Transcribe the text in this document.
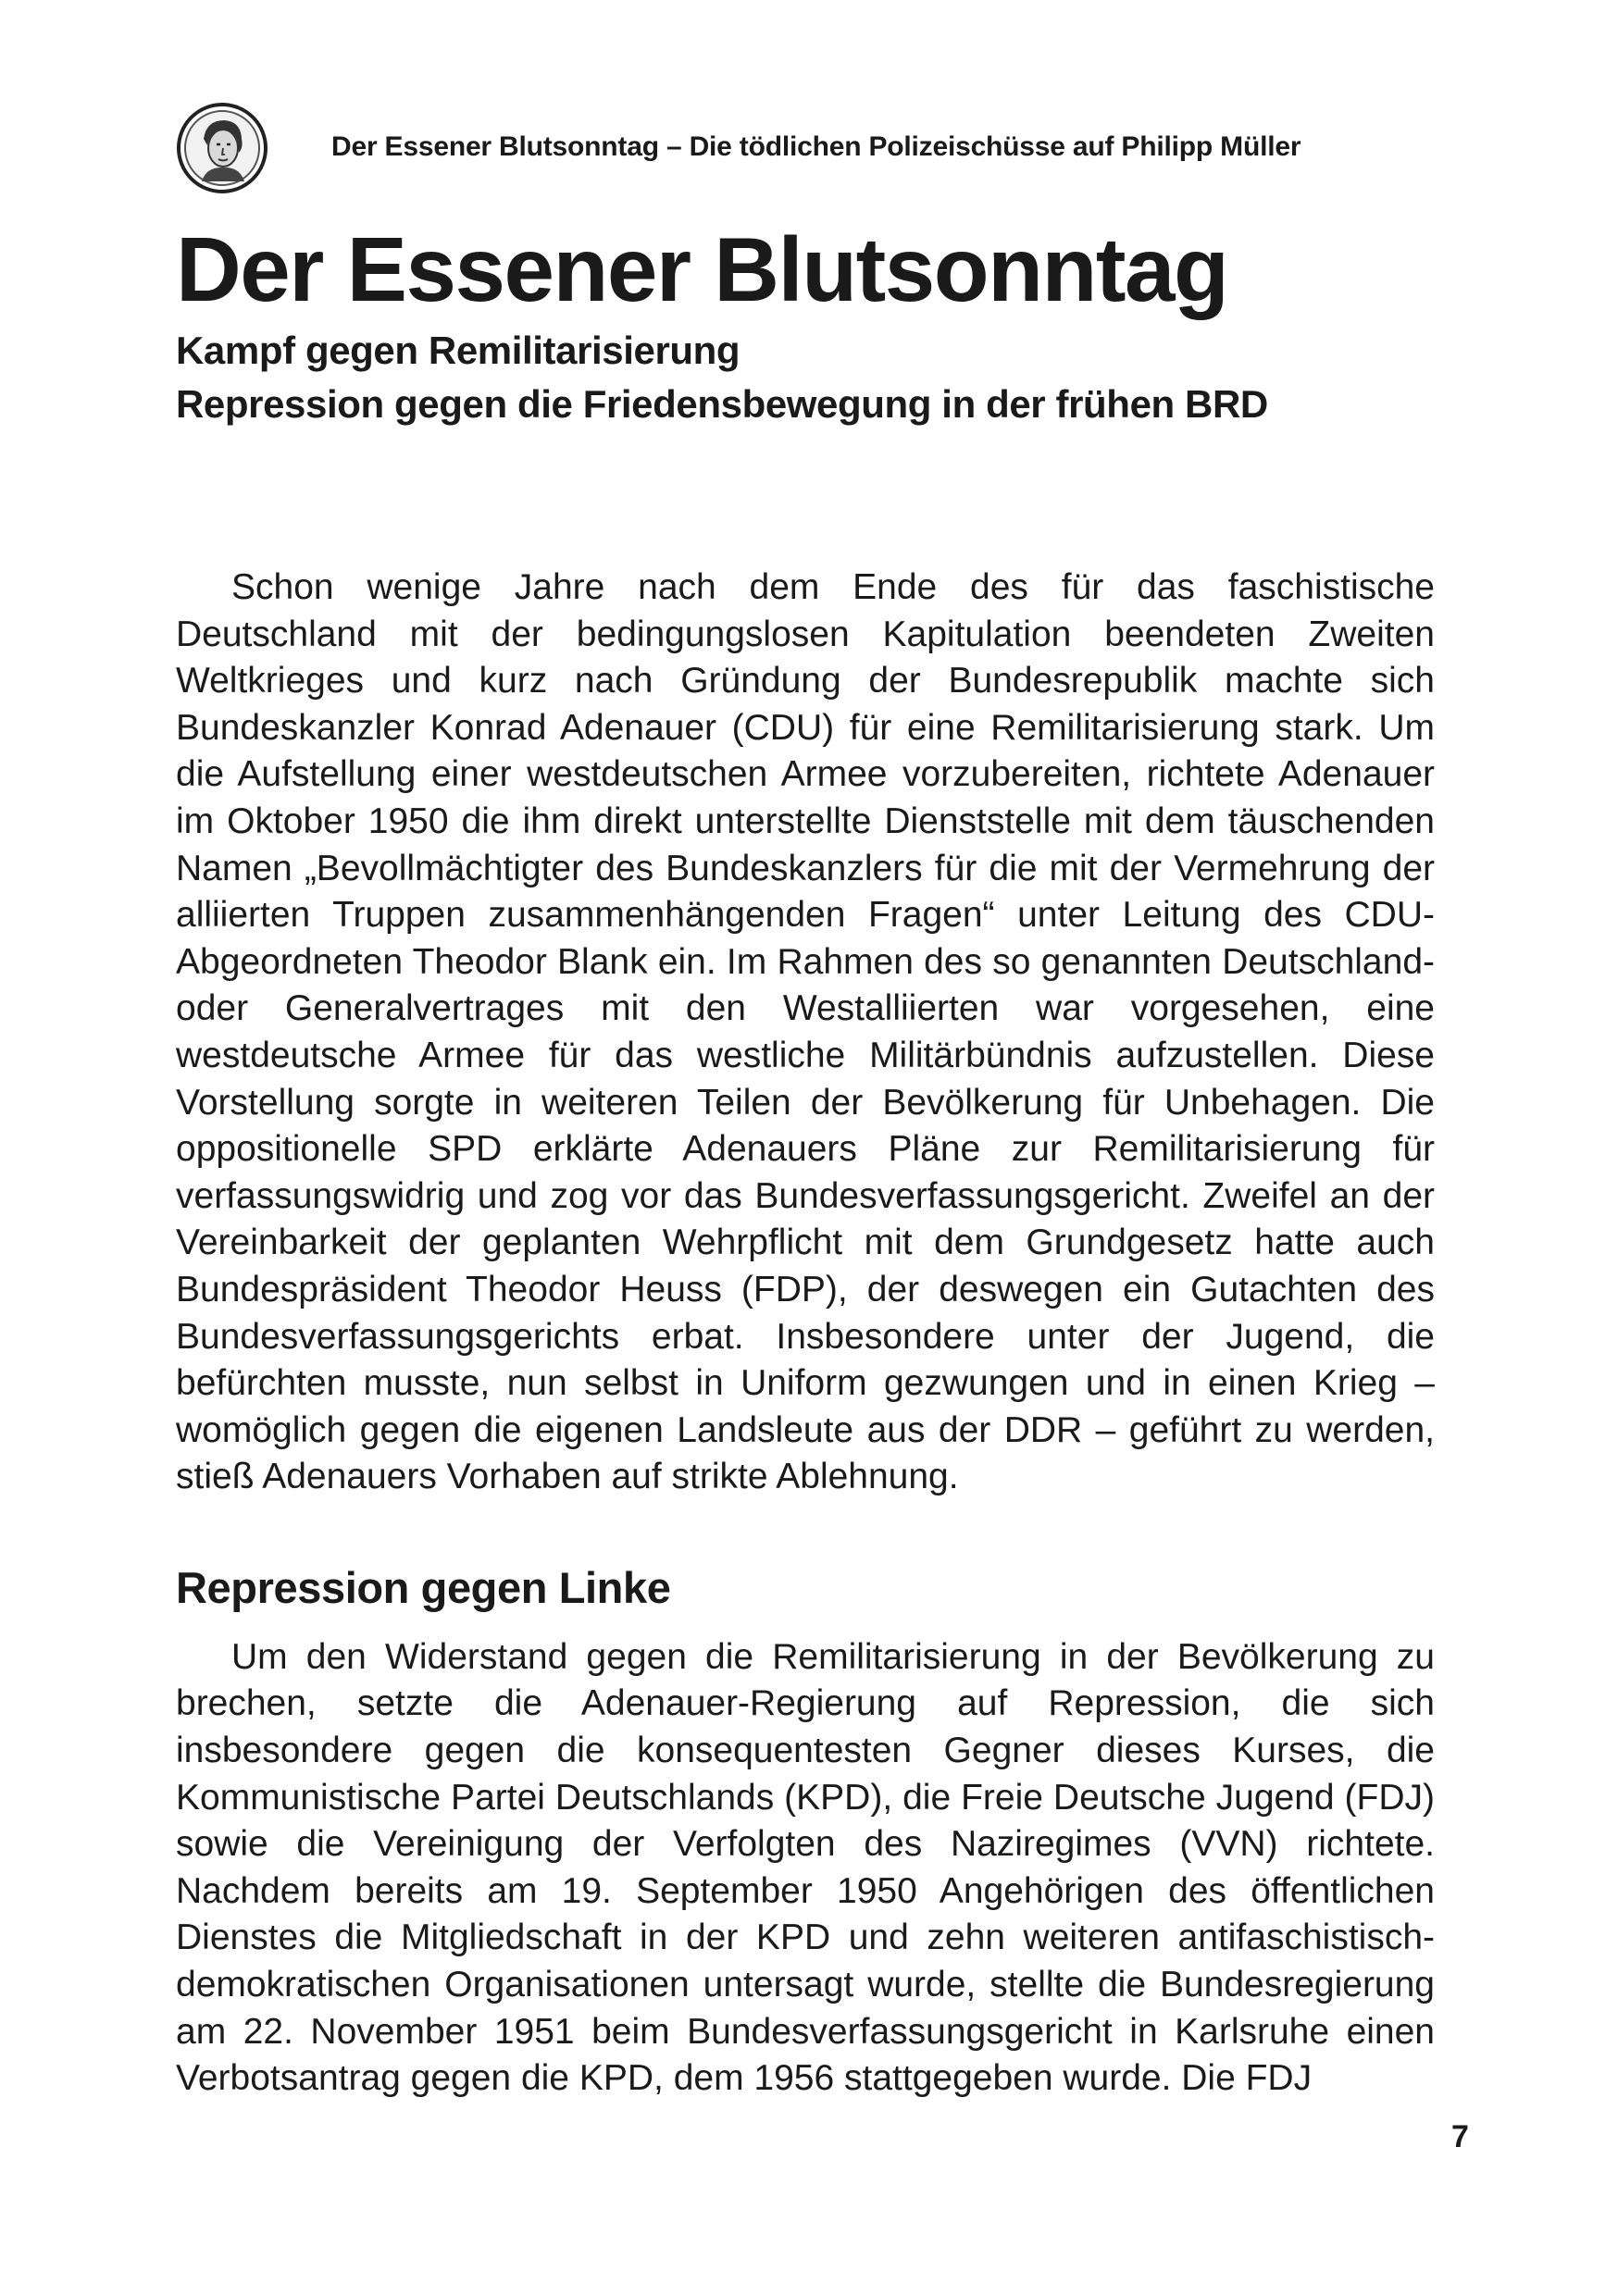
Der Essener Blutsonntag – Die tödlichen Polizeischüsse auf Philipp Müller
Der Essener Blutsonntag

Kampf gegen Remilitarisierung

Repression gegen die Friedensbewegung in der frühen BRD

Schon wenige Jahre nach dem Ende des für das faschistische Deutschland mit der bedingungslosen Kapitulation beendeten Zweiten Weltkrieges und kurz nach Gründung der Bundesrepublik machte sich Bundeskanzler Konrad Adenauer (CDU) für eine Remilitarisierung stark. Um die Aufstellung einer westdeutschen Armee vorzubereiten, richtete Adenauer im Oktober 1950 die ihm direkt unterstellte Dienststelle mit dem täuschenden Namen „Bevollmächtigter des Bundeskanzlers für die mit der Vermehrung der alliierten Truppen zusammenhängenden Fragen“ unter Leitung des CDU-Abgeordneten Theodor Blank ein. Im Rahmen des so genannten Deutschland- oder Generalvertrages mit den Westalliierten war vorgesehen, eine westdeutsche Armee für das westliche Militärbündnis aufzustellen. Diese Vorstellung sorgte in weiteren Teilen der Bevölkerung für Unbehagen. Die oppositionelle SPD erklärte Adenauers Pläne zur Remilitarisierung für verfassungswidrig und zog vor das Bundesverfassungsgericht. Zweifel an der Vereinbarkeit der geplanten Wehrpflicht mit dem Grundgesetz hatte auch Bundespräsident Theodor Heuss (FDP), der deswegen ein Gutachten des Bundesverfassungsgerichts erbat. Insbesondere unter der Jugend, die befürchten musste, nun selbst in Uniform gezwungen und in einen Krieg – womöglich gegen die eigenen Landsleute aus der DDR – geführt zu werden, stieß Adenauers Vorhaben auf strikte Ablehnung.

Repression gegen Linke

Um den Widerstand gegen die Remilitarisierung in der Bevölkerung zu brechen, setzte die Adenauer-Regierung auf Repression, die sich insbesondere gegen die konsequentesten Gegner dieses Kurses, die Kommunistische Partei Deutschlands (KPD), die Freie Deutsche Jugend (FDJ) sowie die Vereinigung der Verfolgten des Naziregimes (VVN) richtete. Nachdem bereits am 19. September 1950 Angehörigen des öffentlichen Dienstes die Mitgliedschaft in der KPD und zehn weiteren antifaschistisch-demokratischen Organisationen untersagt wurde, stellte die Bundesregierung am 22. November 1951 beim Bundesverfassungsgericht in Karlsruhe einen Verbotsantrag gegen die KPD, dem 1956 stattgegeben wurde. Die FDJ

7
